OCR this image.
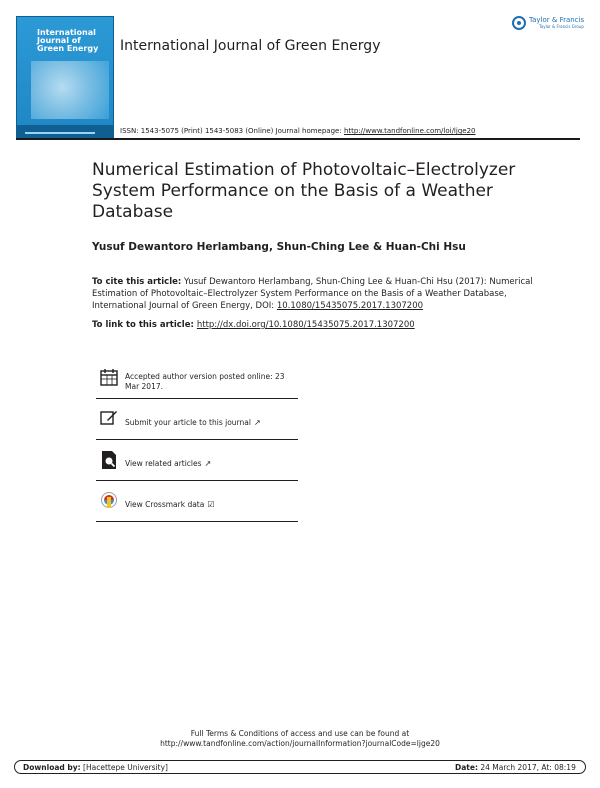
International Journal of Green Energy	International Journal of Green Energy
Taylor & Francis
Taylor & Francis Group
ISSN: 1543-5075 (Print) 1543-5083 (Online) Journal homepage: http://www.tandfonline.com/loi/ljge20
Numerical Estimation of Photovoltaic–Electrolyzer System Performance on the Basis of a Weather Database
Yusuf Dewantoro Herlambang, Shun-Ching Lee & Huan-Chi Hsu
To cite this article: Yusuf Dewantoro Herlambang, Shun-Ching Lee & Huan-Chi Hsu (2017): Numerical Estimation of Photovoltaic–Electrolyzer System Performance on the Basis of a Weather Database, International Journal of Green Energy, DOI: 10.1080/15435075.2017.1307200
To link to this article: http://dx.doi.org/10.1080/15435075.2017.1307200
Accepted author version posted online: 23 Mar 2017.
Submit your article to this journal ↗
View related articles ↗
View Crossmark data ☑
Full Terms & Conditions of access and use can be found at
http://www.tandfonline.com/action/journalInformation?journalCode=ljge20
Download by: [Hacettepe University]	Date: 24 March 2017, At: 08:19
